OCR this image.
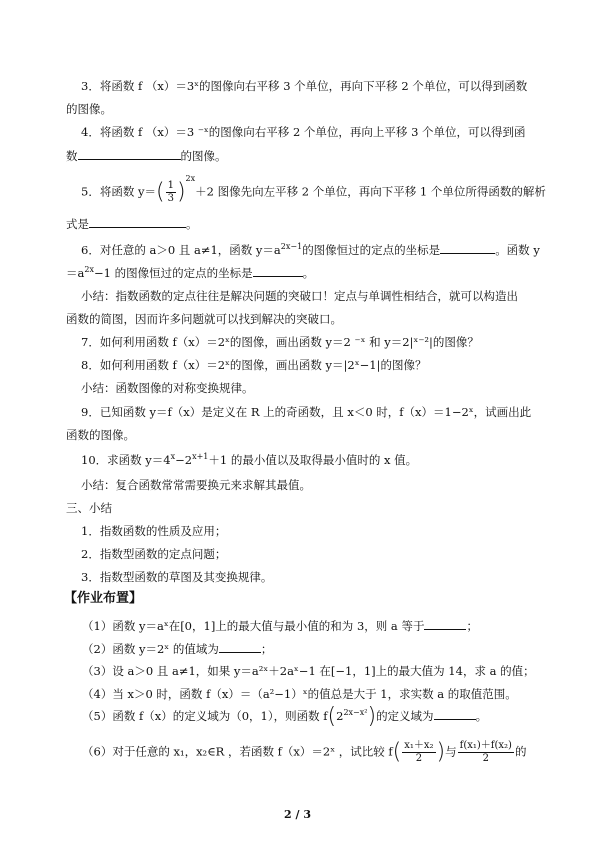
3．将函数 f （x）＝3ˣ的图像向右平移 3 个单位，再向下平移 2 个单位，可以得到函数
的图像。
4．将函数 f （x）＝3 ⁻ˣ的图像向右平移 2 个单位，再向上平移 3 个单位，可以得到函
数	的图像。
5．将函数 $y=( \frac{1}{3} )^{2x}+2$ 图像先向左平移 2 个单位，再向下平移 1 个单位所得函数的解析
式是	。
6．对任意的 a＞0 且 a≠1，函数 $y=a^{2x-1}$的图像恒过的定点的坐标是	。函数 y
$=a^{2x}-1$ 的图像恒过的定点的坐标是	。
小结：指数函数的定点往往是解决问题的突破口！定点与单调性相结合，就可以构造出
函数的简图，因而许多问题就可以找到解决的突破口。
7．如何利用函数 f（x）＝2ˣ的图像，画出函数 y＝2 ⁻ˣ 和 y＝2|ˣ⁻²|的图像？
8．如何利用函数 f（x）＝2ˣ的图像，画出函数 y＝|2ˣ−1|的图像？
小结：函数图像的对称变换规律。
9．已知函数 y＝f（x）是定义在 R 上的奇函数，且 x＜0 时，f（x）＝1−2ˣ，试画出此
函数的图像。
10．求函数 $y=4^x-2^{x+1}+1$ 的最小值以及取得最小值时的 x 值。
小结：复合函数常常需要换元来求解其最值。
三、小结
1．指数函数的性质及应用；
2．指数型函数的定点问题；
3．指数型函数的草图及其变换规律。
【作业布置】
（1）函数 y＝aˣ在[0，1]上的最大值与最小值的和为 3，则 a 等于	；
（2）函数 y＝2ˣ 的值域为	；
（3）设 a＞0 且 a≠1，如果 y＝a²ˣ＋2aˣ−1 在[−1，1]上的最大值为 14，求 a 的值；
（4）当 x＞0 时，函数 f（x）＝（a²−1）ˣ的值总是大于 1，求实数 a 的取值范围。
（5）函数 f（x）的定义域为（0，1），则函数 $f(2^{2x-x^2})$的定义域为	。
（6）对于任意的 x₁，x₂∈R ，若函数 f（x）＝2ˣ ，试比较 $f( \frac{\text{x₁＋x₂}}{2}$ )与 $\frac{\text{f(x₁)＋f(x₂)}}{2}$ 的
2 / 3
